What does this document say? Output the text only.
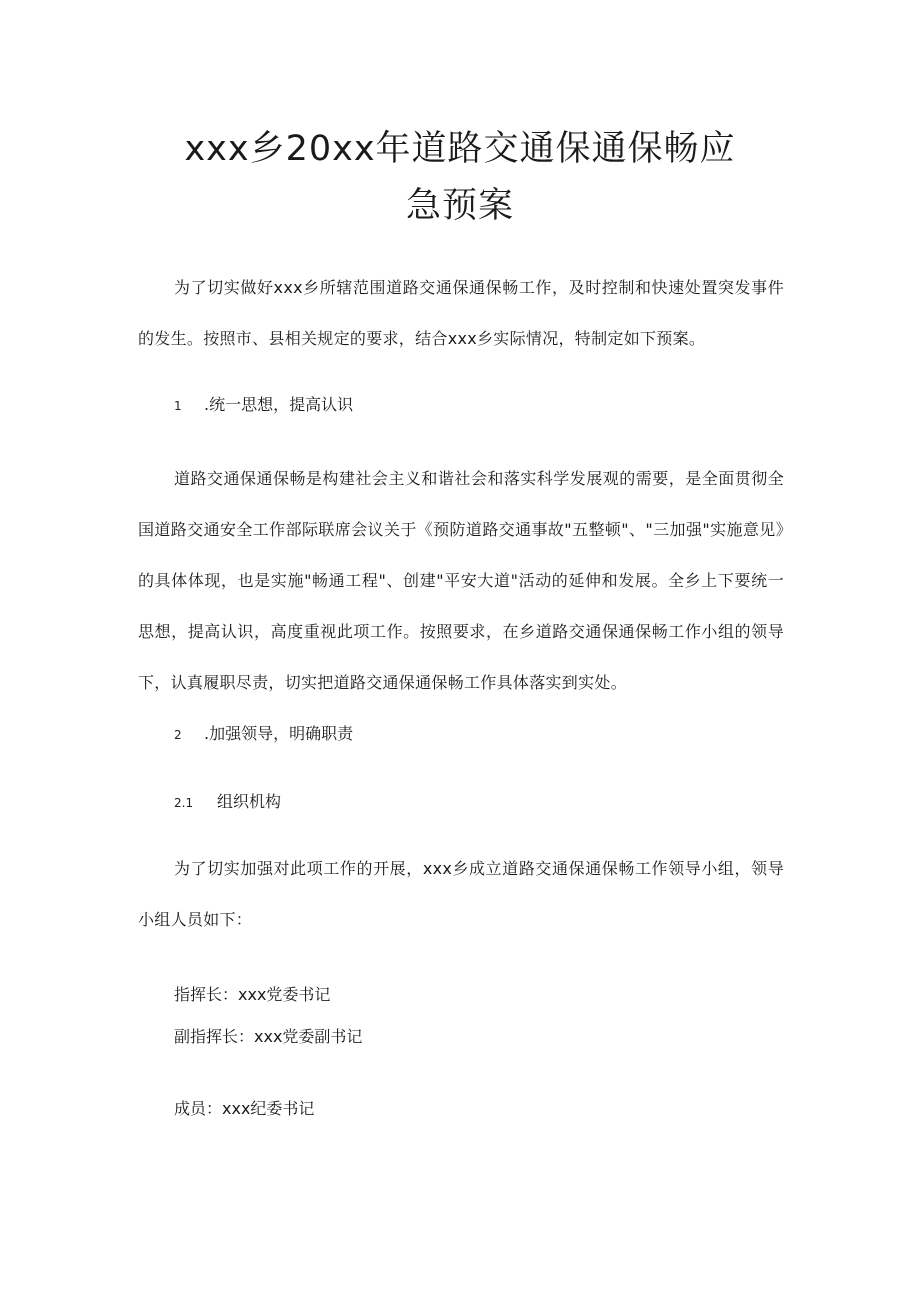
xxx乡20xx年道路交通保通保畅应
急预案

为了切实做好xxx乡所辖范围道路交通保通保畅工作，及时控制和快速处置突发事件的发生。按照市、县相关规定的要求，结合xxx乡实际情况，特制定如下预案。

1 .统一思想，提高认识

道路交通保通保畅是构建社会主义和谐社会和落实科学发展观的需要，是全面贯彻全国道路交通安全工作部际联席会议关于《预防道路交通事故"五整顿"、"三加强"实施意见》的具体体现，也是实施"畅通工程"、创建"平安大道"活动的延伸和发展。全乡上下要统一思想，提高认识，高度重视此项工作。按照要求，在乡道路交通保通保畅工作小组的领导下，认真履职尽责，切实把道路交通保通保畅工作具体落实到实处。

2 .加强领导，明确职责

2.1 组织机构

为了切实加强对此项工作的开展，xxx乡成立道路交通保通保畅工作领导小组，领导小组人员如下：

指挥长：xxx党委书记

副指挥长：xxx党委副书记

成员：xxx纪委书记
